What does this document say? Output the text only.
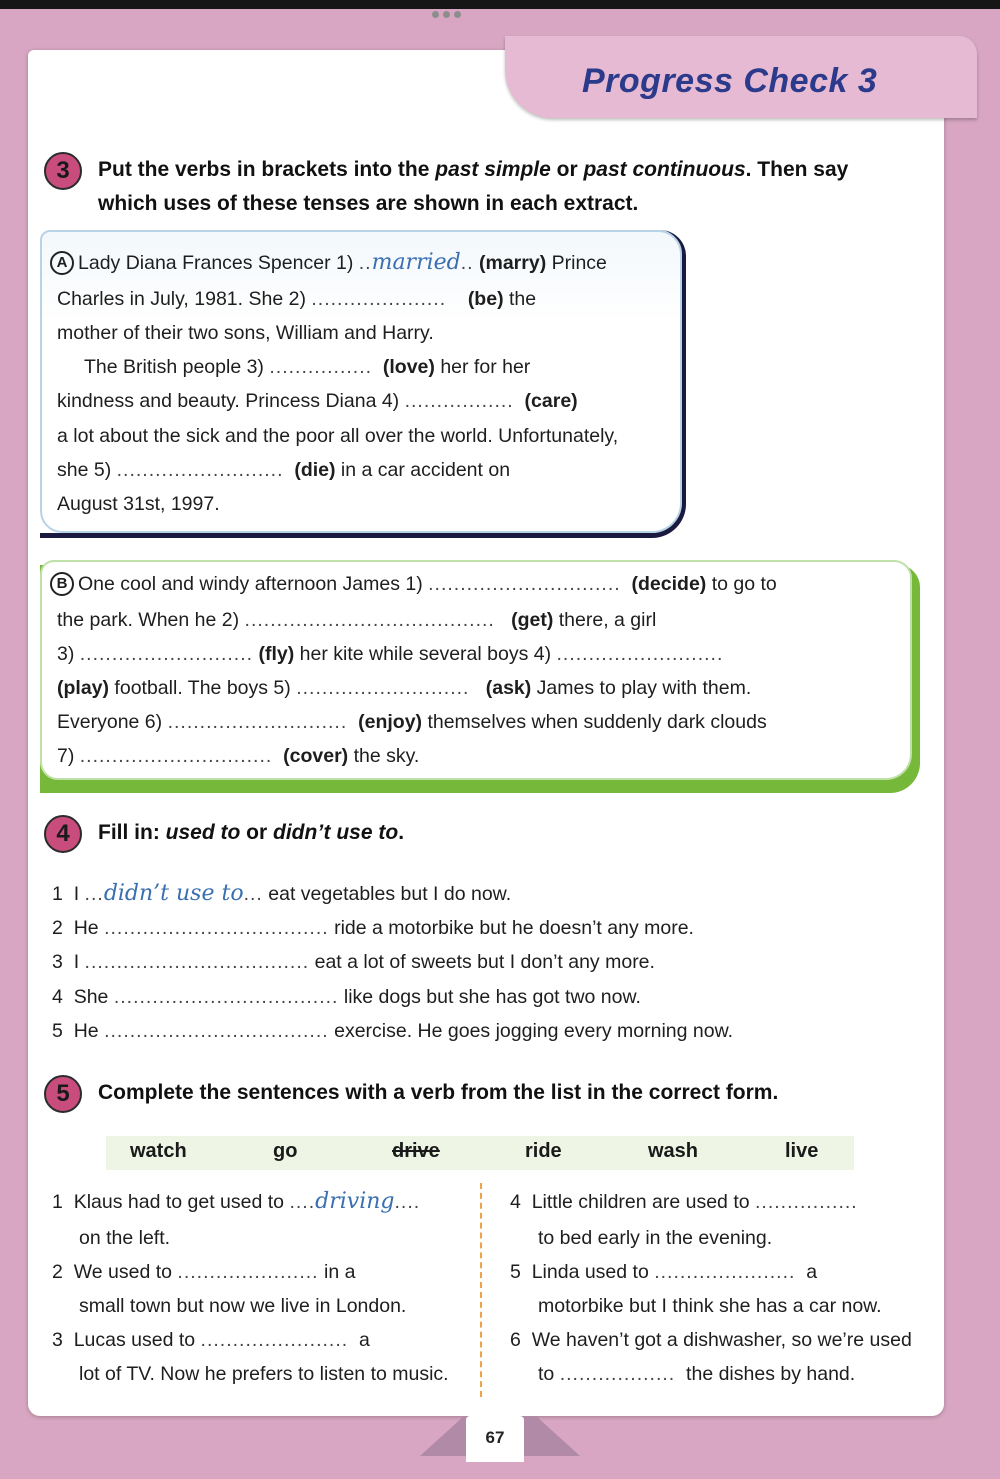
Progress Check 3
3	Put the verbs in brackets into the past simple or past continuous. Then say
which uses of these tenses are shown in each extract.
A Lady Diana Frances Spencer 1) ..married.. (marry) Prince
Charles in July, 1981. She 2) ..................... (be) the
mother of their two sons, William and Harry.
The British people 3) ................ (love) her for her
kindness and beauty. Princess Diana 4) ................. (care)
a lot about the sick and the poor all over the world. Unfortunately,
she 5) .......................... (die) in a car accident on
August 31st, 1997.
B One cool and windy afternoon James 1) .............................. (decide) to go to
the park. When he 2) ....................................... (get) there, a girl
3) ........................... (fly) her kite while several boys 4) ..........................
(play) football. The boys 5) ........................... (ask) James to play with them.
Everyone 6) ............................ (enjoy) themselves when suddenly dark clouds
7) .............................. (cover) the sky.
4	Fill in: used to or didn’t use to.
1 I ...didn’t use to... eat vegetables but I do now.
2 He ................................... ride a motorbike but he doesn’t any more.
3 I ................................... eat a lot of sweets but I don’t any more.
4 She ................................... like dogs but she has got two now.
5 He ................................... exercise. He goes jogging every morning now.
5	Complete the sentences with a verb from the list in the correct form.
watch	go	drive	ride	wash	live
1 Klaus had to get used to ....driving....
on the left.
2 We used to ...................... in a
small town but now we live in London.
3 Lucas used to .......................  a
lot of TV. Now he prefers to listen to music.
4 Little children are used to ................
to bed early in the evening.
5 Linda used to ......................  a
motorbike but I think she has a car now.
6 We haven’t got a dishwasher, so we’re used
to ..................  the dishes by hand.
67
